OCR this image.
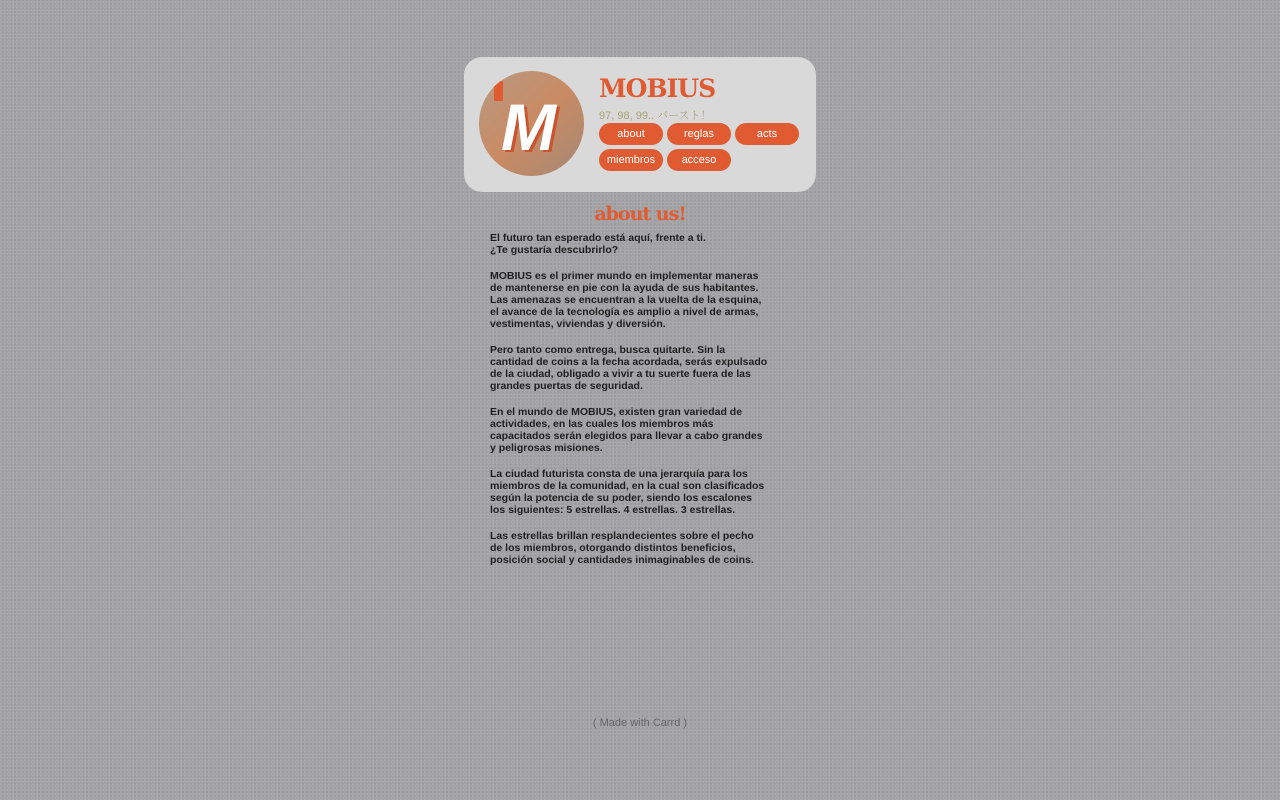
M
MOBIUS
97, 98, 99.. バースト！
about	reglas	acts
miembros	acceso
about us!

El futuro tan esperado está aquí, frente a ti.
¿Te gustaría descubrirlo?

MOBIUS es el primer mundo en implementar maneras
de mantenerse en pie con la ayuda de sus habitantes.
Las amenazas se encuentran a la vuelta de la esquina,
el avance de la tecnología es amplio a nivel de armas,
vestimentas, viviendas y diversión.

Pero tanto como entrega, busca quitarte. Sin la
cantidad de coins a la fecha acordada, serás expulsado
de la ciudad, obligado a vivir a tu suerte fuera de las
grandes puertas de seguridad.

En el mundo de MOBIUS, existen gran variedad de
actividades, en las cuales los miembros más
capacitados serán elegidos para llevar a cabo grandes
y peligrosas misiones.

La ciudad futurista consta de una jerarquía para los
miembros de la comunidad, en la cual son clasificados
según la potencia de su poder, siendo los escalones
los siguientes: 5 estrellas. 4 estrellas. 3 estrellas.

Las estrellas brillan resplandecientes sobre el pecho
de los miembros, otorgando distintos beneficios,
posición social y cantidades inimaginables de coins.

( Made with Carrd )
